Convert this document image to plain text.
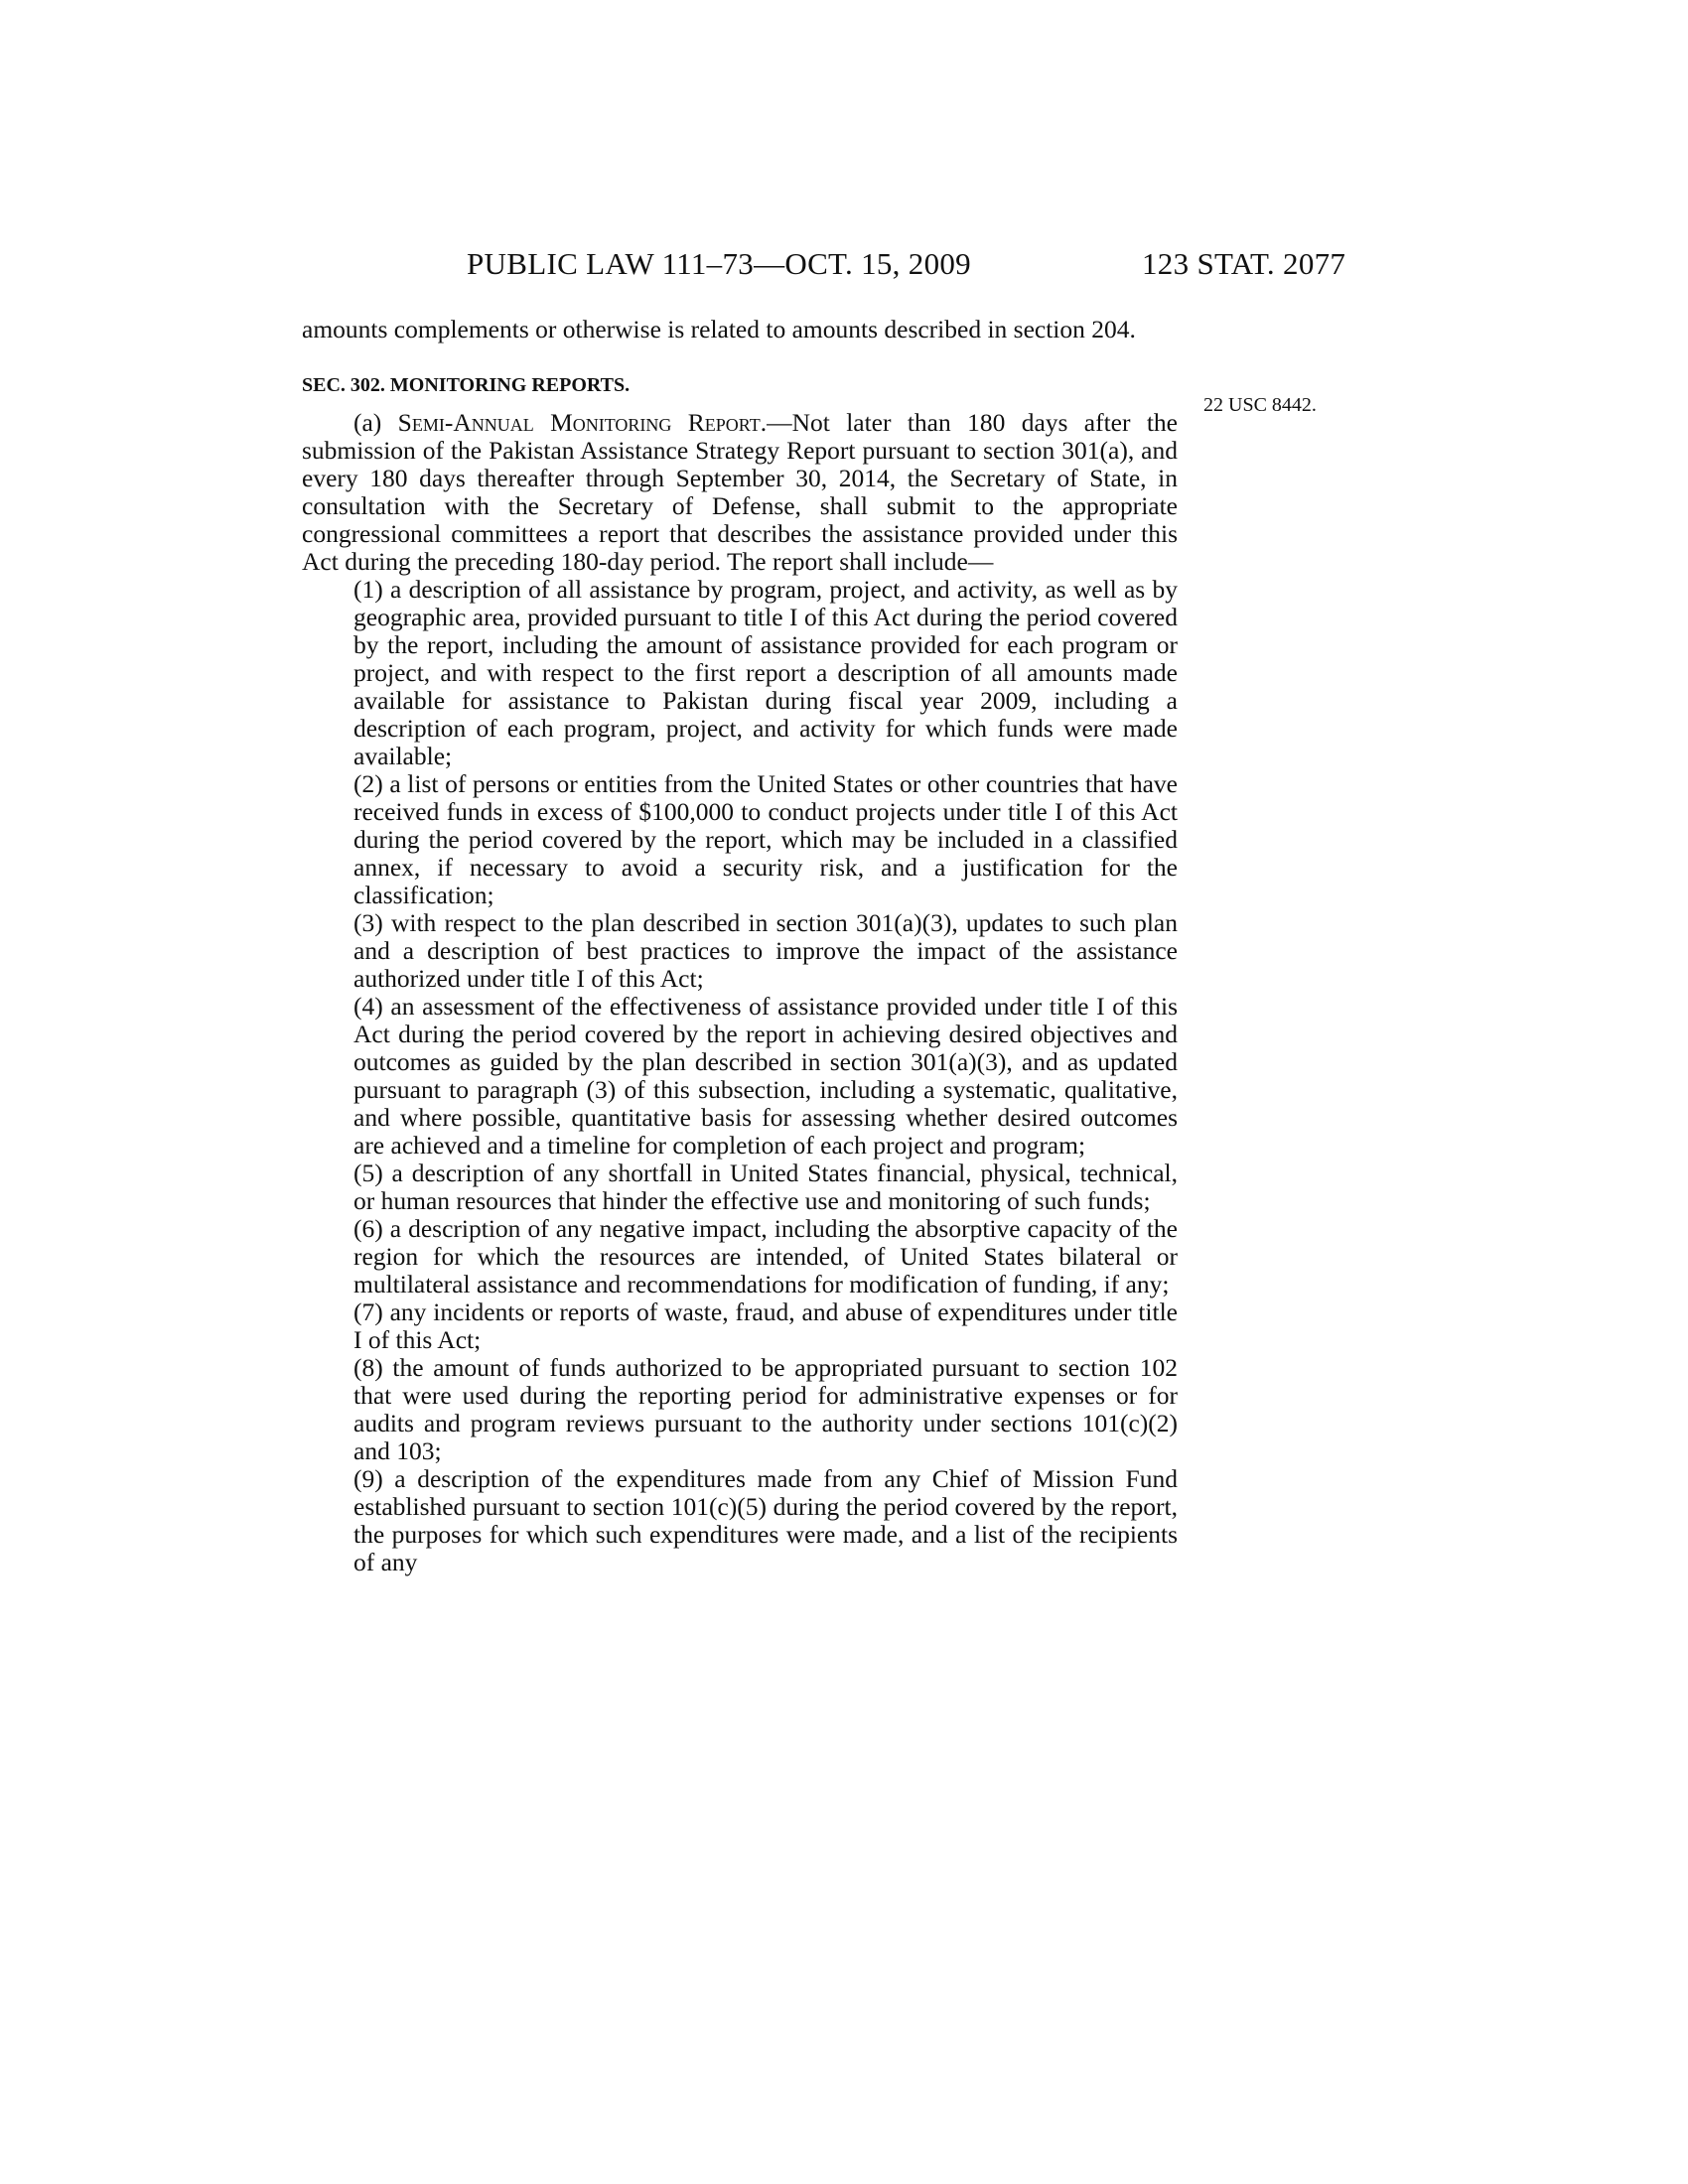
PUBLIC LAW 111–73—OCT. 15, 2009	123 STAT. 2077
22 USC 8442.

amounts complements or otherwise is related to amounts described in section 204.

SEC. 302. MONITORING REPORTS.

(a) Semi-Annual Monitoring Report.—Not later than 180 days after the submission of the Pakistan Assistance Strategy Report pursuant to section 301(a), and every 180 days thereafter through September 30, 2014, the Secretary of State, in consultation with the Secretary of Defense, shall submit to the appropriate congressional committees a report that describes the assistance provided under this Act during the preceding 180-day period. The report shall include—

(1) a description of all assistance by program, project, and activity, as well as by geographic area, provided pursuant to title I of this Act during the period covered by the report, including the amount of assistance provided for each program or project, and with respect to the first report a description of all amounts made available for assistance to Pakistan during fiscal year 2009, including a description of each program, project, and activity for which funds were made available;

(2) a list of persons or entities from the United States or other countries that have received funds in excess of $100,000 to conduct projects under title I of this Act during the period covered by the report, which may be included in a classified annex, if necessary to avoid a security risk, and a justification for the classification;

(3) with respect to the plan described in section 301(a)(3), updates to such plan and a description of best practices to improve the impact of the assistance authorized under title I of this Act;

(4) an assessment of the effectiveness of assistance provided under title I of this Act during the period covered by the report in achieving desired objectives and outcomes as guided by the plan described in section 301(a)(3), and as updated pursuant to paragraph (3) of this subsection, including a systematic, qualitative, and where possible, quantitative basis for assessing whether desired outcomes are achieved and a timeline for completion of each project and program;

(5) a description of any shortfall in United States financial, physical, technical, or human resources that hinder the effective use and monitoring of such funds;

(6) a description of any negative impact, including the absorptive capacity of the region for which the resources are intended, of United States bilateral or multilateral assistance and recommendations for modification of funding, if any;

(7) any incidents or reports of waste, fraud, and abuse of expenditures under title I of this Act;

(8) the amount of funds authorized to be appropriated pursuant to section 102 that were used during the reporting period for administrative expenses or for audits and program reviews pursuant to the authority under sections 101(c)(2) and 103;

(9) a description of the expenditures made from any Chief of Mission Fund established pursuant to section 101(c)(5) during the period covered by the report, the purposes for which such expenditures were made, and a list of the recipients of any
